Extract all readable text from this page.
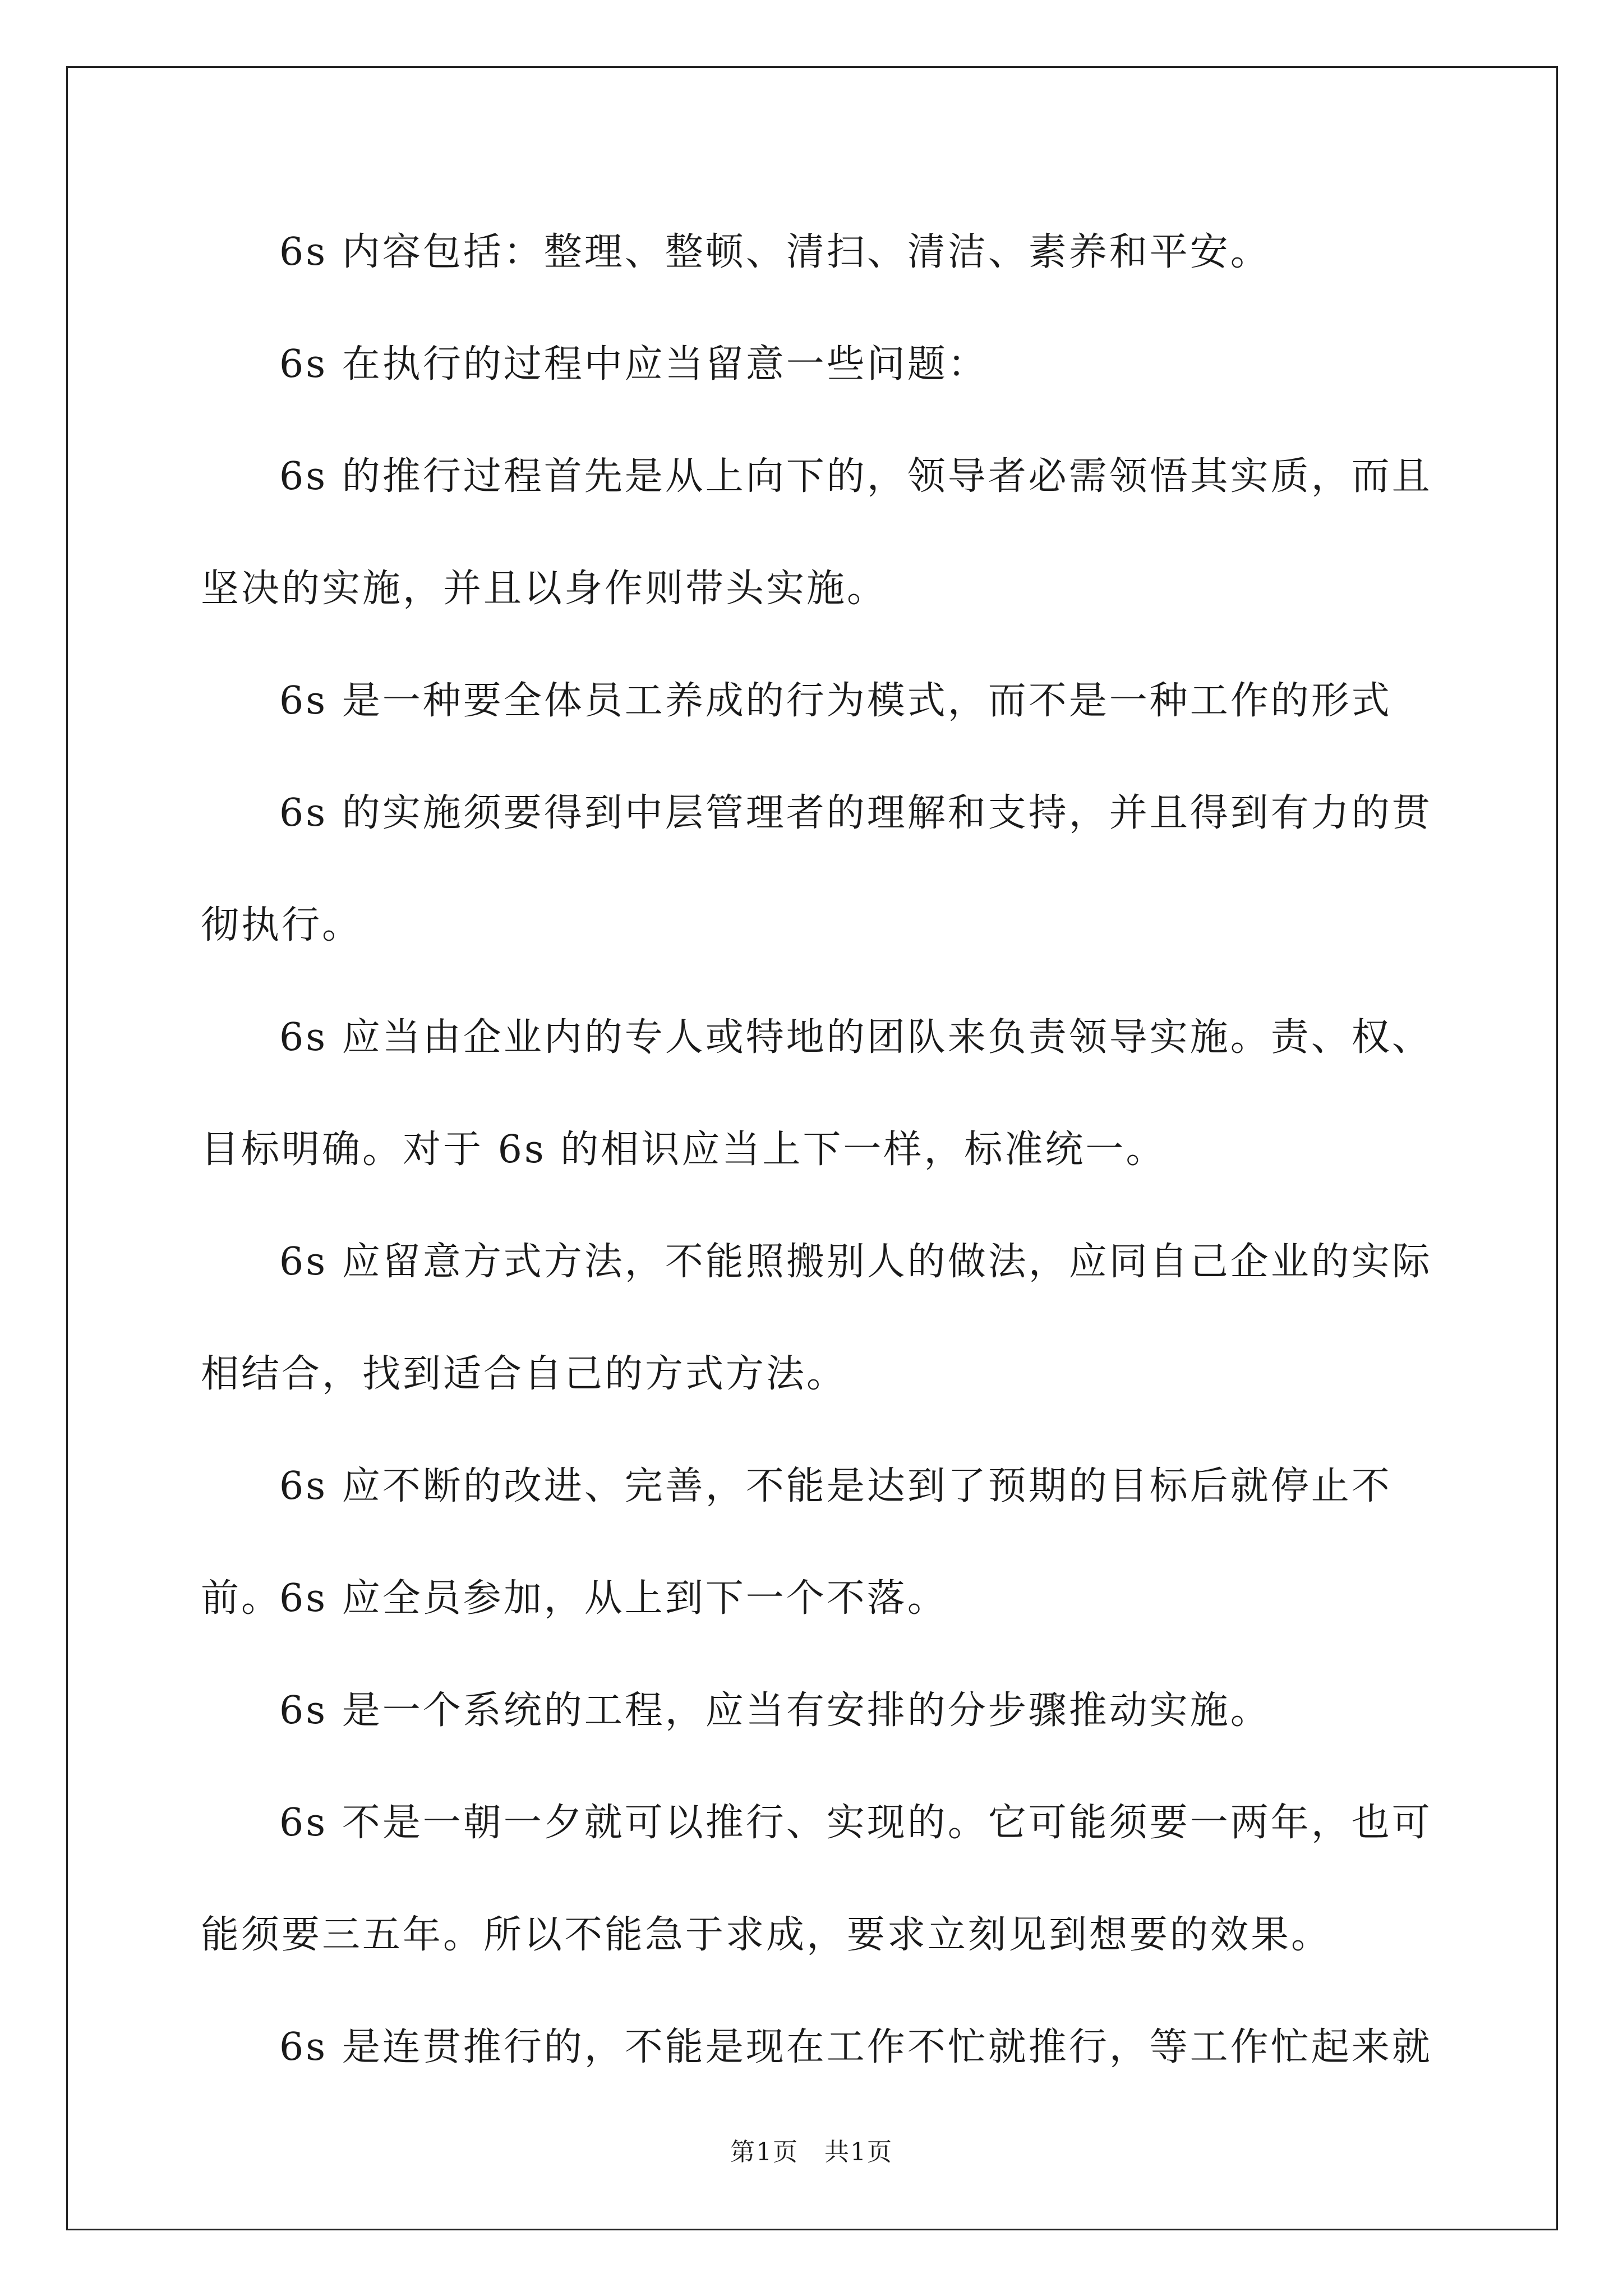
6s 内容包括：整理、整顿、清扫、清洁、素养和平安。

6s 在执行的过程中应当留意一些问题：

6s 的推行过程首先是从上向下的，领导者必需领悟其实质，而且坚决的实施，并且以身作则带头实施。

6s 是一种要全体员工养成的行为模式，而不是一种工作的形式

6s 的实施须要得到中层管理者的理解和支持，并且得到有力的贯彻执行。

6s 应当由企业内的专人或特地的团队来负责领导实施。责、权、目标明确。对于 6s 的相识应当上下一样，标准统一。

6s 应留意方式方法，不能照搬别人的做法，应同自己企业的实际相结合，找到适合自己的方式方法。

6s 应不断的改进、完善，不能是达到了预期的目标后就停止不前。

6s 应全员参加，从上到下一个不落。

6s 是一个系统的工程，应当有安排的分步骤推动实施。

6s 不是一朝一夕就可以推行、实现的。它可能须要一两年，也可能须要三五年。所以不能急于求成，要求立刻见到想要的效果。

6s 是连贯推行的，不能是现在工作不忙就推行，等工作忙起来就

第1页　共1页
